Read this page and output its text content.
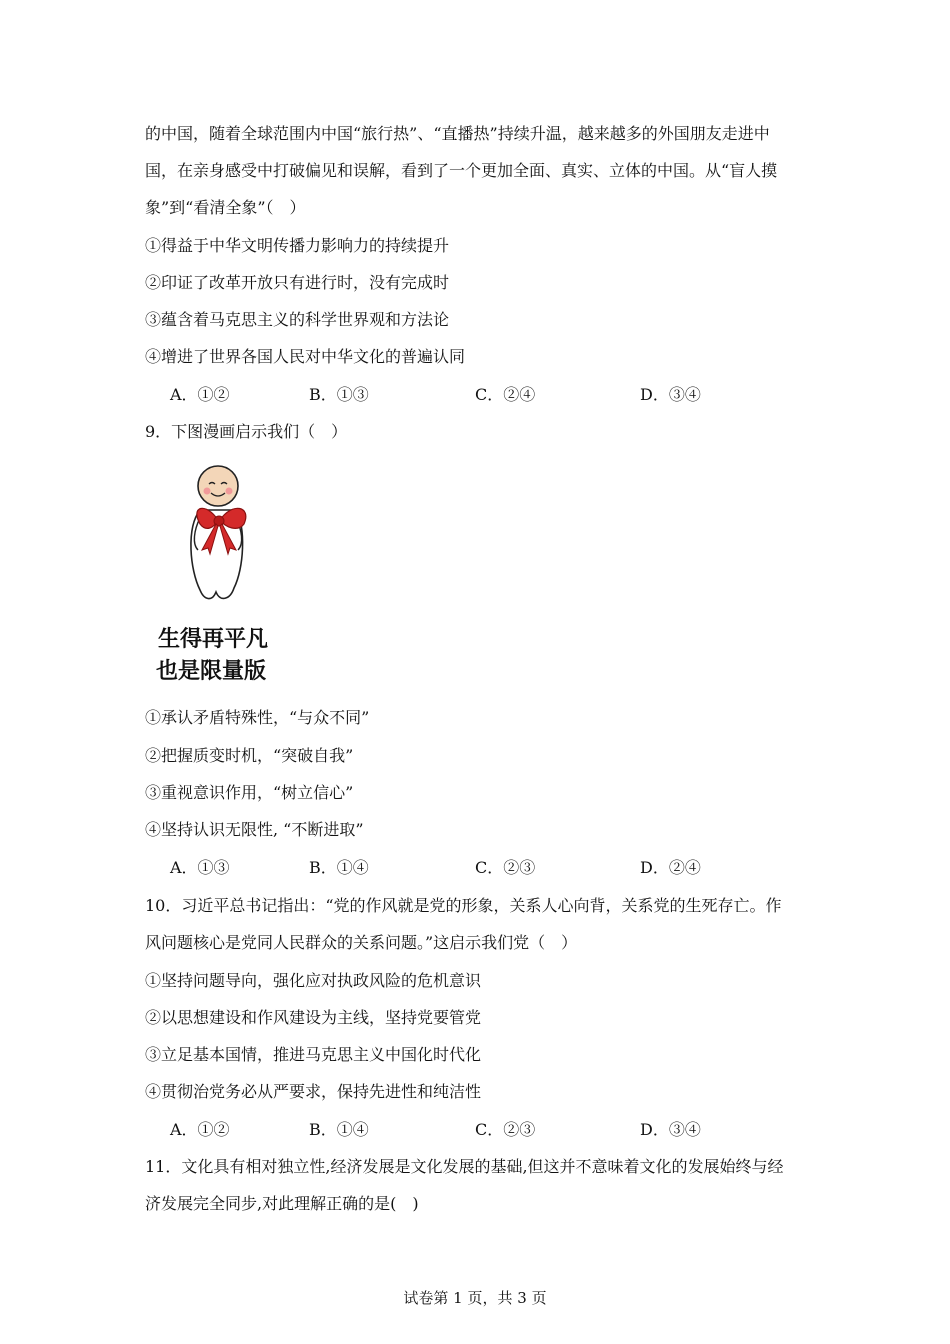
的中国，随着全球范围内中国“旅行热”、“直播热”持续升温，越来越多的外国朋友走进中
国，在亲身感受中打破偏见和误解，看到了一个更加全面、真实、立体的中国。从“盲人摸
象”到“看清全象”（　）
①得益于中华文明传播力影响力的持续提升
②印证了改革开放只有进行时，没有完成时
③蕴含着马克思主义的科学世界观和方法论
④增进了世界各国人民对中华文化的普遍认同
A．①②	B．①③	C．②④	D．③④
9．下图漫画启示我们（　）
生得再平凡
也是限量版
①承认矛盾特殊性，“与众不同”
②把握质变时机，“突破自我”
③重视意识作用，“树立信心”
④坚持认识无限性, “不断进取”
A．①③	B．①④	C．②③	D．②④
10．习近平总书记指出：“党的作风就是党的形象，关系人心向背，关系党的生死存亡。作
风问题核心是党同人民群众的关系问题。”这启示我们党（　）
①坚持问题导向，强化应对执政风险的危机意识
②以思想建设和作风建设为主线，坚持党要管党
③立足基本国情，推进马克思主义中国化时代化
④贯彻治党务必从严要求，保持先进性和纯洁性
A．①②	B．①④	C．②③	D．③④
11．文化具有相对独立性,经济发展是文化发展的基础,但这并不意味着文化的发展始终与经
济发展完全同步,对此理解正确的是(　)
试卷第 1 页，共 3 页
